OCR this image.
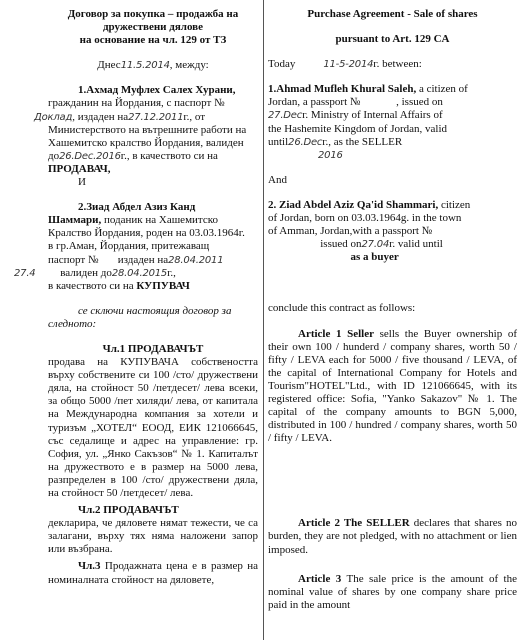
Договор за покупка – продажба на

дружествени дялове

на основание на чл. 129 от ТЗ

Днес11.5.2014, между:

1.Ахмад Муфлех Салех Хурани,

гражданин на Йордания, с паспорт №

Доклад, издаден на27.12.2011г., от

Министерството на вътрешните работи на

Хашемитско кралство Йордания, валиден

до26.Dec.2016г., в качеството си на

ПРОДАВАЧ,

И

2.Зиад Абдел Азиз Канд

Шаммари, поданик на Хашемитско

Кралство Йордания, роден на 03.03.1964г.

в гр.Аман, Йордания, притежаващ

паспорт № издаден на28.04.2011

27.4 валиден до28.04.2015г.,

в качеството си на КУПУВАЧ

се сключи настоящия договор за следното:

Чл.1 ПРОДАВАЧЪТ

продава на КУПУВАЧА собствеността върху собствените си 100 /сто/ дружествени дяла, на стойност 50 /петдесет/ лева всеки, за общо 5000 /пет хиляди/ лева, от капитала на Международна компания за хотели и туризъм „ХОТЕЛ“ ЕООД, ЕИК 121066645, със седалище и адрес на управление: гр. София, ул. „Янко Сакъзов“ № 1. Капиталът на дружеството е в размер на 5000 лева, разпределен в 100 /сто/ дружествени дяла, на стойност 50 /петдесет/ лева.

Чл.2 ПРОДАВАЧЪТ

декларира, че дяловете нямат тежести, че са залагани, върху тях няма наложени запор или възбрана.

Чл.3 Продажната цена е в размер на номиналната стойност на дяловете,

Purchase Agreement - Sale of shares

pursuant to Art. 129 CA

Today	11-5-2014г. between:

1.Ahmad Mufleh Khural Saleh, a citizen of

Jordan, a passport №	, issued on

27.Decг. Ministry of Internal Affairs of

the Hashemite Kingdom of Jordan, valid

until26.Decг., as the SELLER

2016

And

2. Ziad Abdel Aziz Qa'id Shammari, citizen

of Jordan, born on 03.03.1964g. in the town

of Amman, Jordan,with a passport №

issued on27.04г. valid until

as a buyer

conclude this contract as follows:

Article 1 Seller sells the Buyer ownership of their own 100 / hunderd / company shares, worth 50 / fifty / LEVA each for 5000 / five thousand / LEVA, of the capital of International Company for Hotels and Tourism"HOTEL"Ltd., with ID 121066645, with its registered office: Sofia, "Yanko Sakazov" № 1. The capital of the company amounts to BGN 5,000, distributed in 100 / hundred / company shares, worth 50 / fifty / LEVA.

Article 2 The SELLER declares that shares no burden, they are not pledged, with no attachment or lien imposed.

Article 3 The sale price is the amount of the nominal value of shares by one company share price paid in the amount
